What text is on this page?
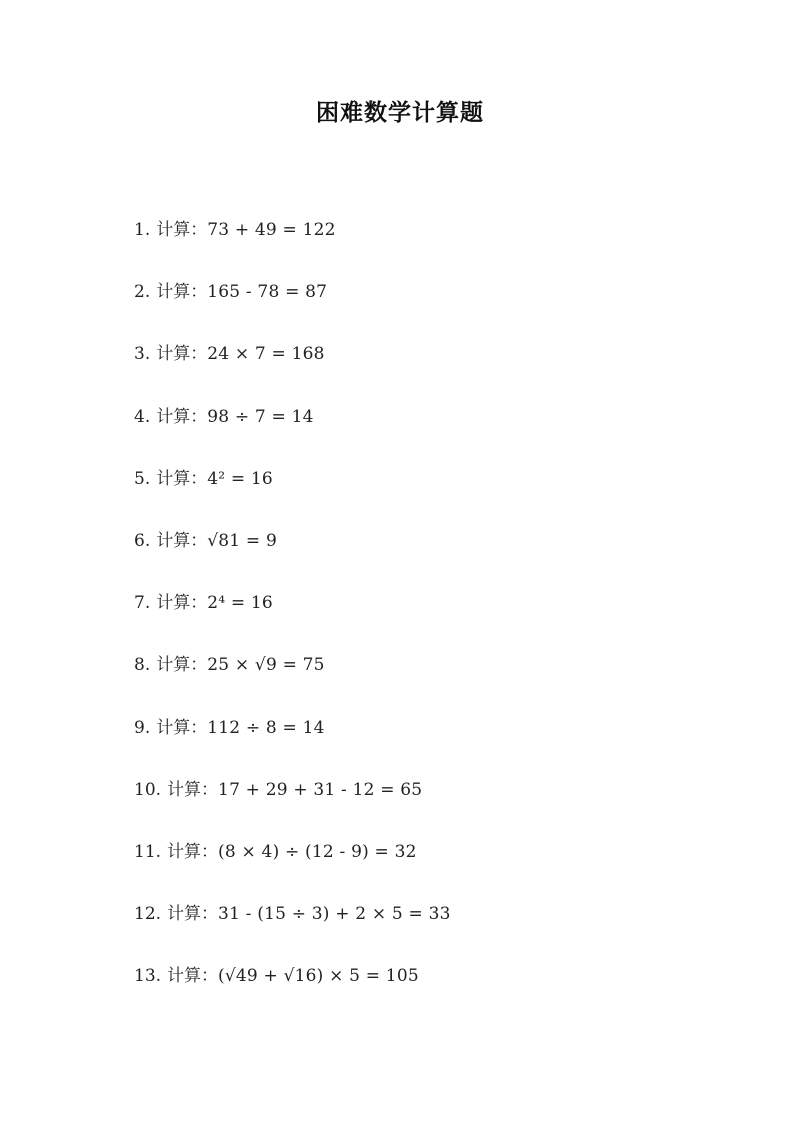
困难数学计算题
1. 计算：73 + 49 = 122
2. 计算：165 - 78 = 87
3. 计算：24 × 7 = 168
4. 计算：98 ÷ 7 = 14
5. 计算：4² = 16
6. 计算：√81 = 9
7. 计算：2⁴ = 16
8. 计算：25 × √9 = 75
9. 计算：112 ÷ 8 = 14
10. 计算：17 + 29 + 31 - 12 = 65
11. 计算：(8 × 4) ÷ (12 - 9) = 32
12. 计算：31 - (15 ÷ 3) + 2 × 5 = 33
13. 计算：(√49 + √16) × 5 = 105
